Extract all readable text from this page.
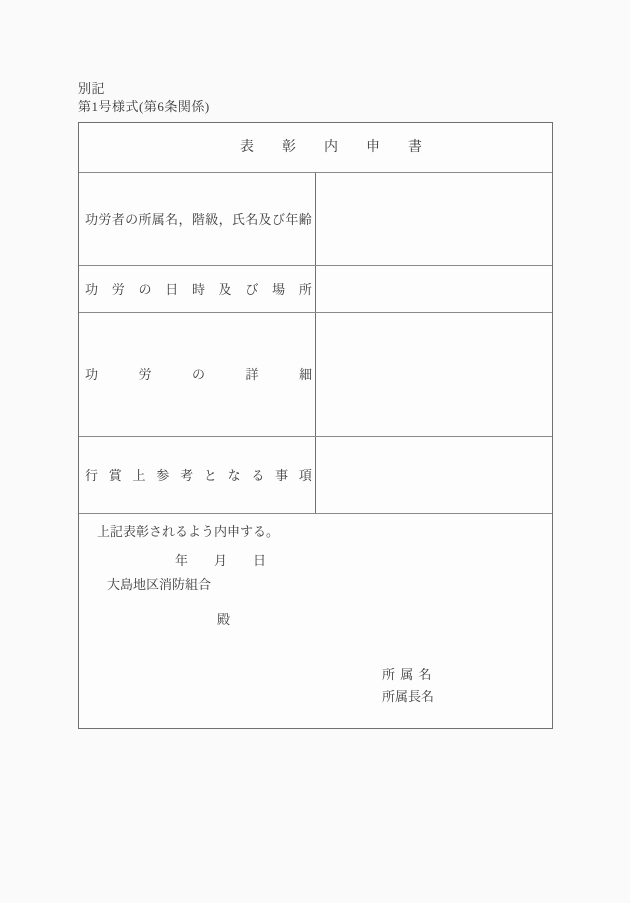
別記
第1号様式(第6条関係)
表 彰 内 申 書
功 労 者 の 所 属 名 ， 階 級 ， 氏 名 及 び 年 齢
功 労 の 日 時 及 び 場 所
功	労	の	詳	細
行 賞 上 参 考 と な る 事 項
上記表彰されるよう内申する。
年　　月　　日
大島地区消防組合
殿
所 属 名
所属長名
